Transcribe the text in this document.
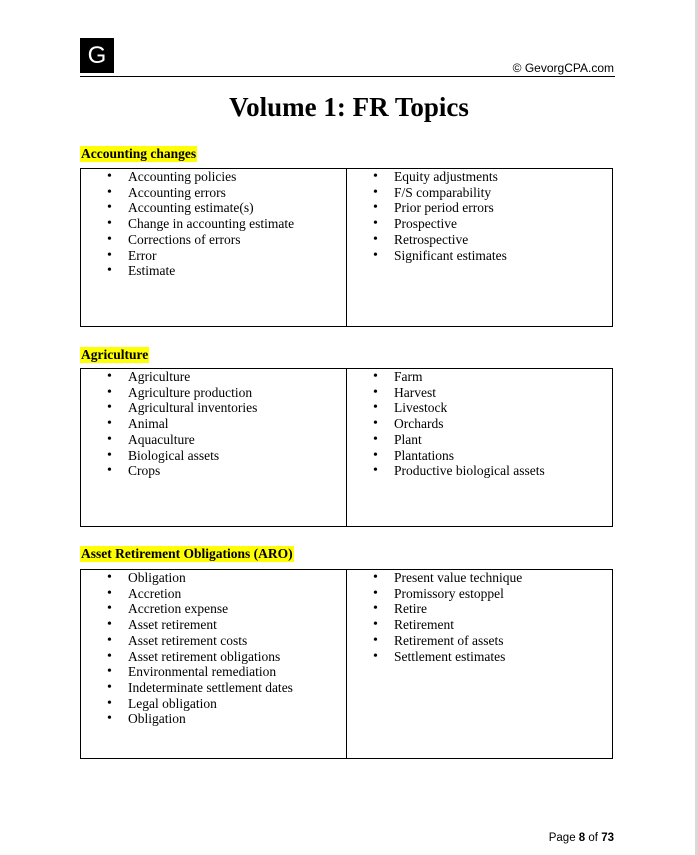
G	© GevorgCPA.com
Volume 1: FR Topics
Accounting changes
• Accounting policies
• Accounting errors
• Accounting estimate(s)
• Change in accounting estimate
• Corrections of errors
• Error
• Estimate
• Equity adjustments
• F/S comparability
• Prior period errors
• Prospective
• Retrospective
• Significant estimates
Agriculture
• Agriculture
• Agriculture production
• Agricultural inventories
• Animal
• Aquaculture
• Biological assets
• Crops
• Farm
• Harvest
• Livestock
• Orchards
• Plant
• Plantations
• Productive biological assets
Asset Retirement Obligations (ARO)
• Obligation
• Accretion
• Accretion expense
• Asset retirement
• Asset retirement costs
• Asset retirement obligations
• Environmental remediation
• Indeterminate settlement dates
• Legal obligation
• Obligation
• Present value technique
• Promissory estoppel
• Retire
• Retirement
• Retirement of assets
• Settlement estimates
Page 8 of 73
